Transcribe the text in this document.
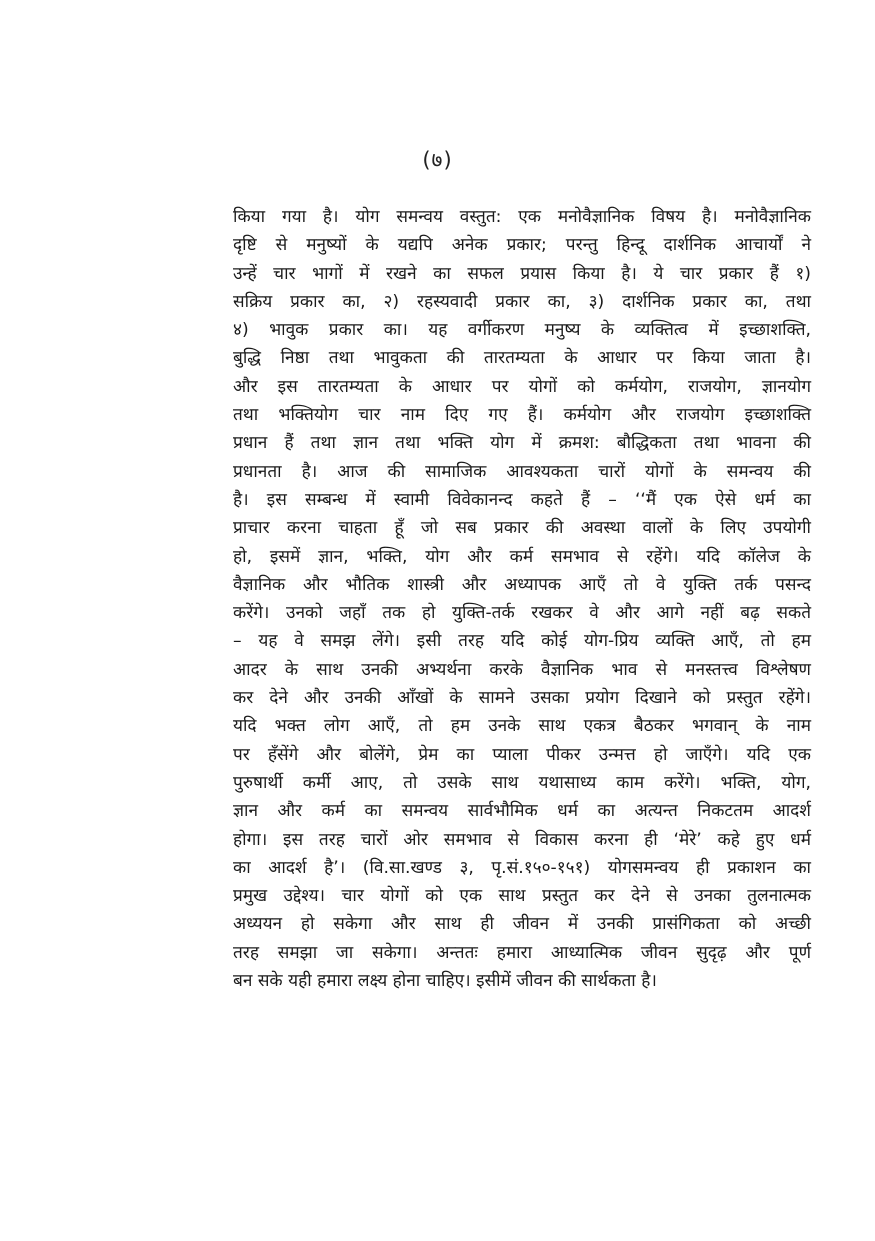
(७)
किया गया है। योग समन्वय वस्तुत: एक मनोवैज्ञानिक विषय है। मनोवैज्ञानिक
दृष्टि से मनुष्यों के यद्यपि अनेक प्रकार; परन्तु हिन्दू दार्शनिक आचार्यों ने
उन्हें चार भागों में रखने का सफल प्रयास किया है। ये चार प्रकार हैं १)
सक्रिय प्रकार का, २) रहस्यवादी प्रकार का, ३) दार्शनिक प्रकार का, तथा
४) भावुक प्रकार का। यह वर्गीकरण मनुष्य के व्यक्तित्व में इच्छाशक्ति,
बुद्धि निष्ठा तथा भावुकता की तारतम्यता के आधार पर किया जाता है।
और इस तारतम्यता के आधार पर योगों को कर्मयोग, राजयोग, ज्ञानयोग
तथा भक्तियोग चार नाम दिए गए हैं। कर्मयोग और राजयोग इच्छाशक्ति
प्रधान हैं तथा ज्ञान तथा भक्ति योग में क्रमश: बौद्धिकता तथा भावना की
प्रधानता है। आज की सामाजिक आवश्यकता चारों योगों के समन्वय की
है। इस सम्बन्ध में स्वामी विवेकानन्द कहते हैं – ‘‘मैं एक ऐसे धर्म का
प्राचार करना चाहता हूँ जो सब प्रकार की अवस्था वालों के लिए उपयोगी
हो, इसमें ज्ञान, भक्ति, योग और कर्म समभाव से रहेंगे। यदि कॉलेज के
वैज्ञानिक और भौतिक शास्त्री और अध्यापक आएँ तो वे युक्ति तर्क पसन्द
करेंगे। उनको जहाँ तक हो युक्ति-तर्क रखकर वे और आगे नहीं बढ़ सकते
– यह वे समझ लेंगे। इसी तरह यदि कोई योग-प्रिय व्यक्ति आएँ, तो हम
आदर के साथ उनकी अभ्यर्थना करके वैज्ञानिक भाव से मनस्तत्त्व विश्लेषण
कर देने और उनकी आँखों के सामने उसका प्रयोग दिखाने को प्रस्तुत रहेंगे।
यदि भक्त लोग आएँ, तो हम उनके साथ एकत्र बैठकर भगवान् के नाम
पर हँसेंगे और बोलेंगे, प्रेम का प्याला पीकर उन्मत्त हो जाएँगे। यदि एक
पुरुषार्थी कर्मी आए, तो उसके साथ यथासाध्य काम करेंगे। भक्ति, योग,
ज्ञान और कर्म का समन्वय सार्वभौमिक धर्म का अत्यन्त निकटतम आदर्श
होगा। इस तरह चारों ओर समभाव से विकास करना ही ‘मेरे’ कहे हुए धर्म
का आदर्श है’। (वि.सा.खण्ड ३, पृ.सं.१५०-१५१) योगसमन्वय ही प्रकाशन का
प्रमुख उद्देश्य। चार योगों को एक साथ प्रस्तुत कर देने से उनका तुलनात्मक
अध्ययन हो सकेगा और साथ ही जीवन में उनकी प्रासंगिकता को अच्छी
तरह समझा जा सकेगा। अन्ततः हमारा आध्यात्मिक जीवन सुदृढ़ और पूर्ण
बन सके यही हमारा लक्ष्य होना चाहिए। इसीमें जीवन की सार्थकता है।
